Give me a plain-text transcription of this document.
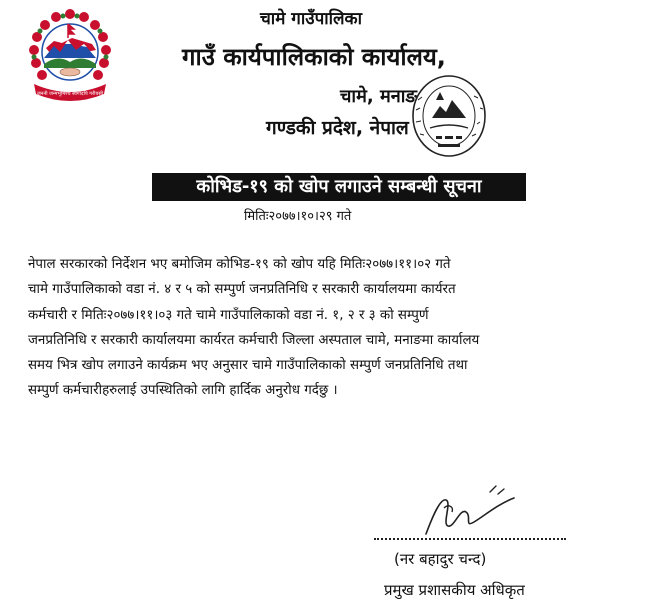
जननी जन्मभूमिश्च स्वर्गादपि गरीयसी
चामे गाउँपालिका
गाउँ कार्यपालिकाको कार्यालय,
चामे, मनाङ
गण्डकी प्रदेश, नेपाल
कोभिड-१९ को खोप लगाउने सम्बन्धी सूचना
मितिः२०७७।१०।२९ गते
नेपाल सरकारको निर्देशन भए बमोजिम कोभिड-१९ को खोप यहि मितिः२०७७।११।०२ गते
चामे गाउँपालिकाको वडा नं. ४ र ५ को सम्पुर्ण जनप्रतिनिधि र सरकारी कार्यालयमा कार्यरत
कर्मचारी र मितिः२०७७।११।०३ गते चामे गाउँपालिकाको वडा नं. १, २ र ३ को सम्पुर्ण
जनप्रतिनिधि र सरकारी कार्यालयमा कार्यरत कर्मचारी जिल्ला अस्पताल चामे, मनाङमा कार्यालय
समय भित्र खोप लगाउने कार्यक्रम भए अनुसार चामे गाउँपालिकाको सम्पुर्ण जनप्रतिनिधि तथा
सम्पुर्ण कर्मचारीहरुलाई उपस्थितिको लागि हार्दिक अनुरोध गर्दछु ।
(नर बहादुर चन्द)
प्रमुख प्रशासकीय अधिकृत
